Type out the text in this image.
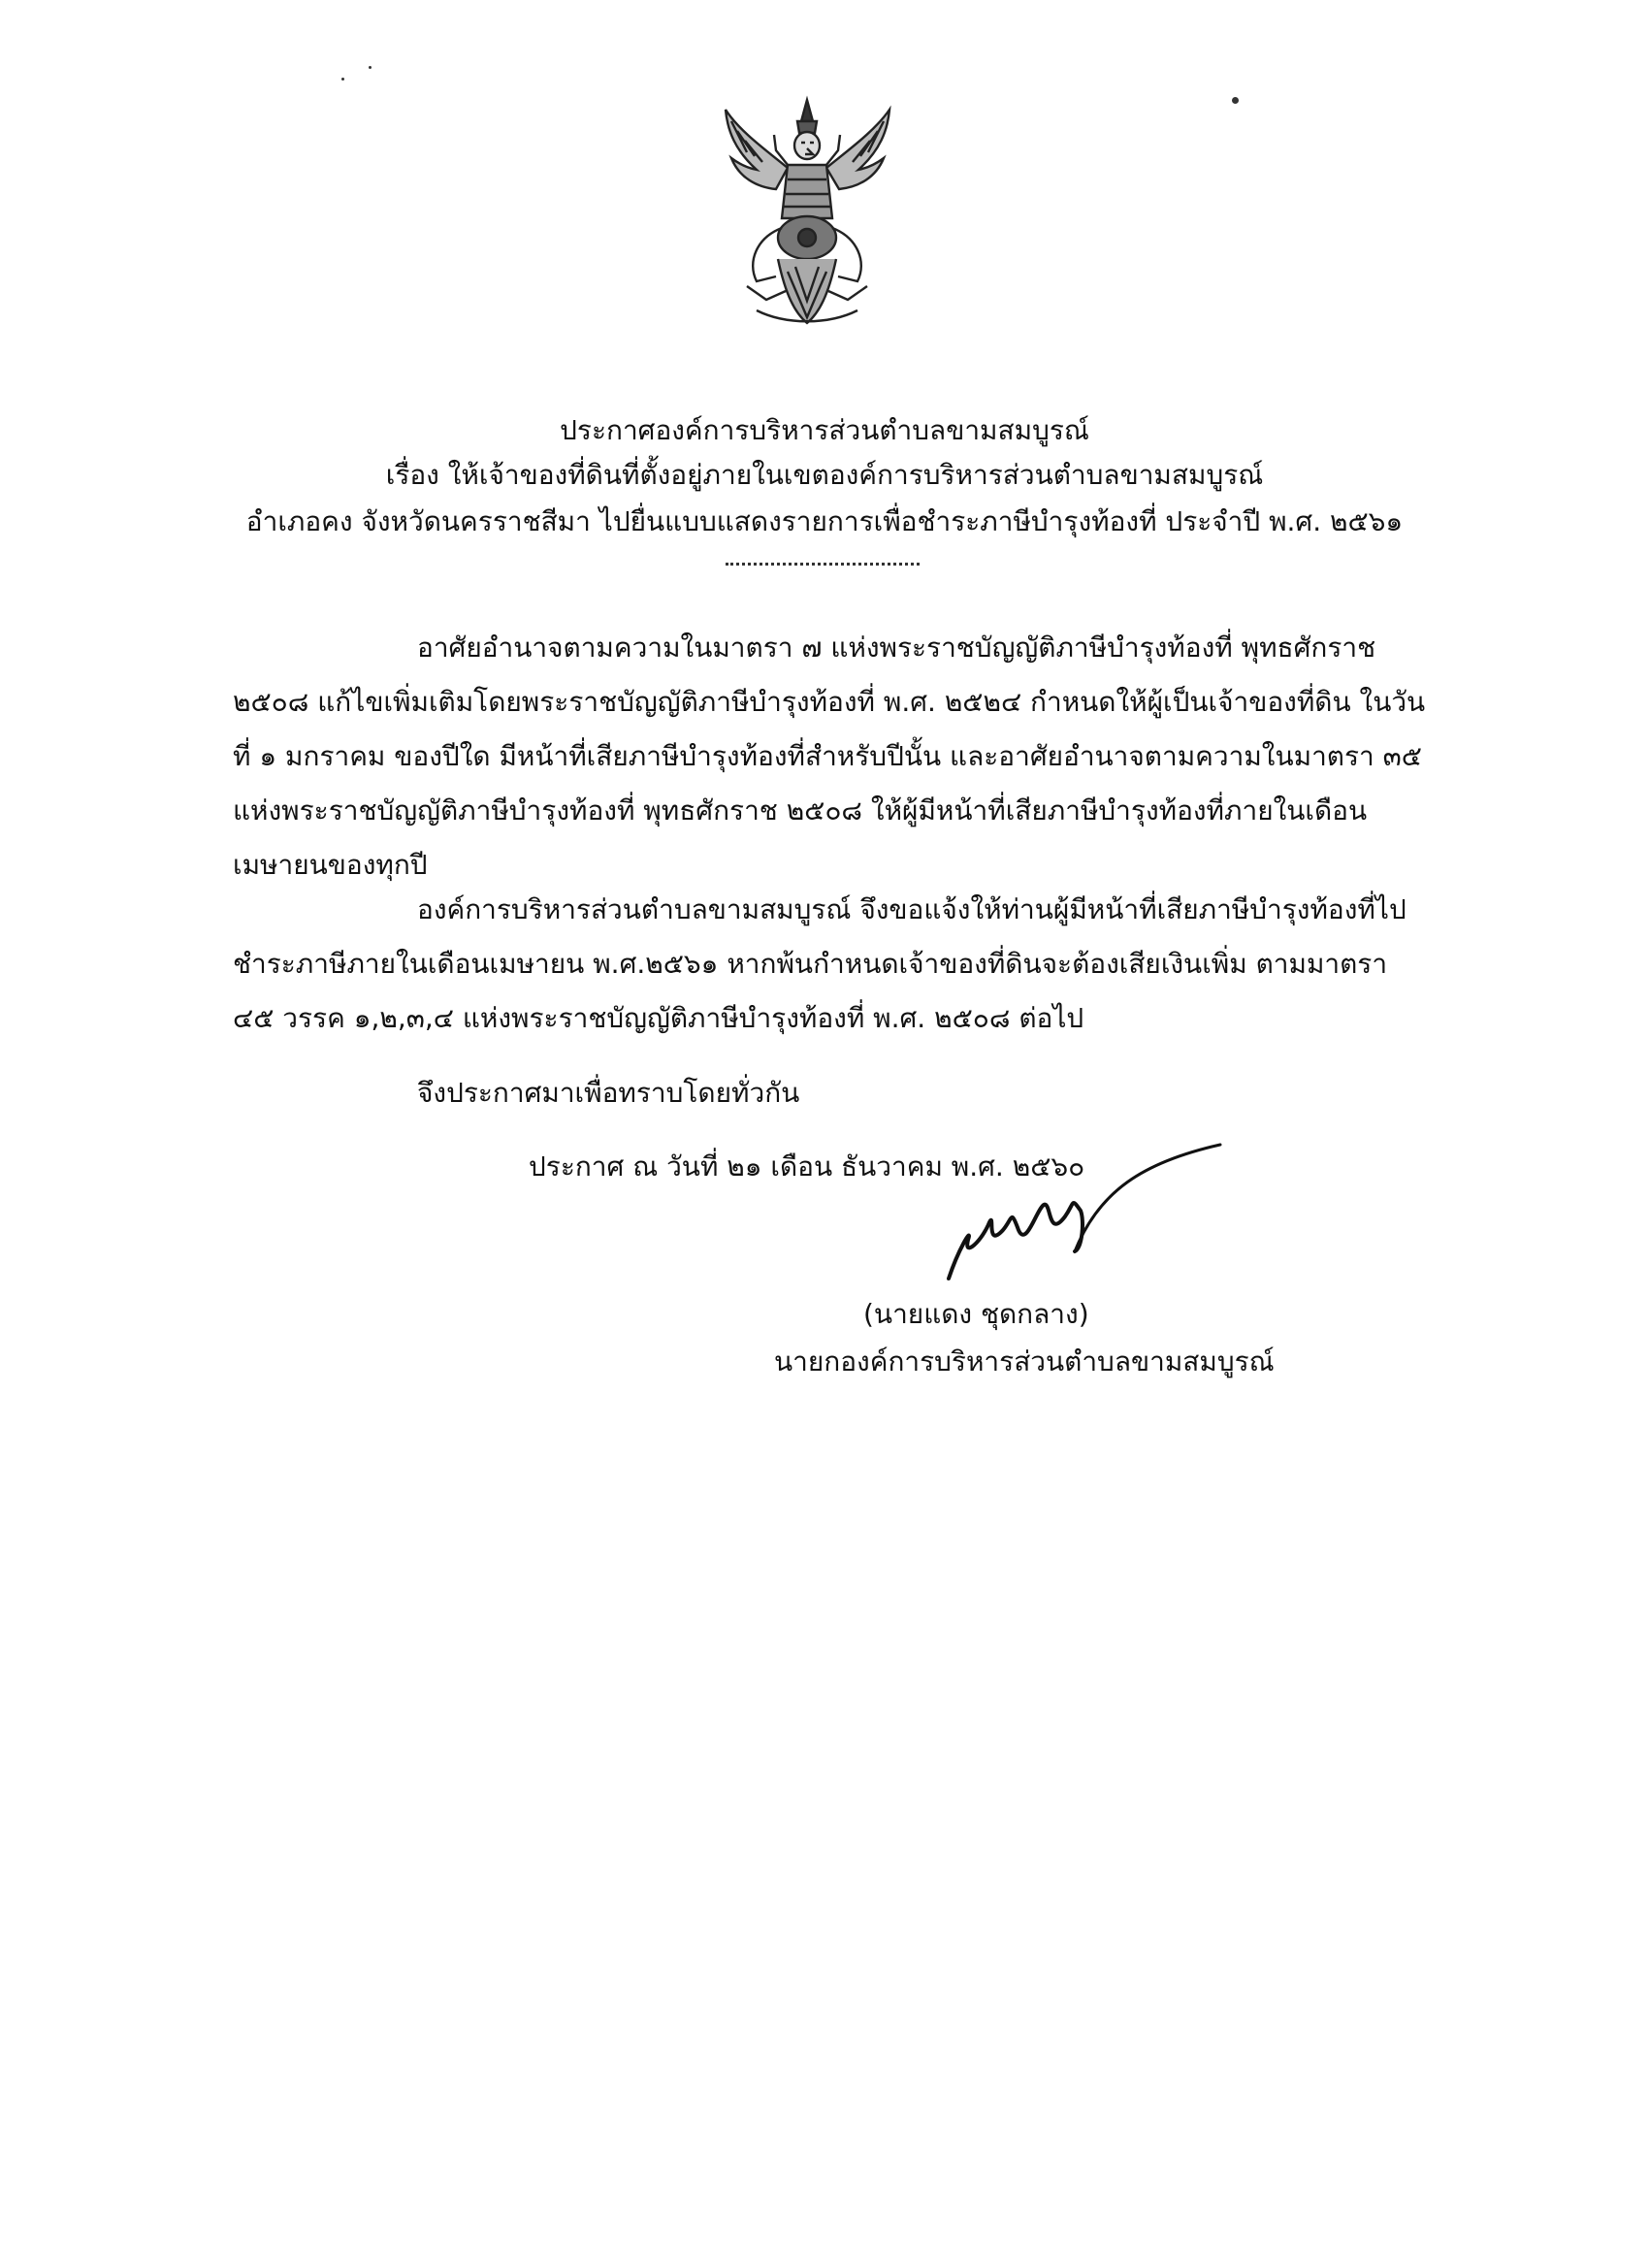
ประกาศองค์การบริหารส่วนตำบลขามสมบูรณ์
เรื่อง ให้เจ้าของที่ดินที่ตั้งอยู่ภายในเขตองค์การบริหารส่วนตำบลขามสมบูรณ์
อำเภอคง จังหวัดนครราชสีมา ไปยื่นแบบแสดงรายการเพื่อชำระภาษีบำรุงท้องที่ ประจำปี พ.ศ. ๒๕๖๑

อาศัยอำนาจตามความในมาตรา ๗ แห่งพระราชบัญญัติภาษีบำรุงท้องที่ พุทธศักราช ๒๕๐๘ แก้ไขเพิ่มเติมโดยพระราชบัญญัติภาษีบำรุงท้องที่ พ.ศ. ๒๕๒๔ กำหนดให้ผู้เป็นเจ้าของที่ดิน ในวันที่ ๑ มกราคม ของปีใด มีหน้าที่เสียภาษีบำรุงท้องที่สำหรับปีนั้น และอาศัยอำนาจตามความในมาตรา ๓๕ แห่งพระราชบัญญัติภาษีบำรุงท้องที่ พุทธศักราช ๒๕๐๘ ให้ผู้มีหน้าที่เสียภาษีบำรุงท้องที่ภายในเดือน เมษายนของทุกปี

องค์การบริหารส่วนตำบลขามสมบูรณ์ จึงขอแจ้งให้ท่านผู้มีหน้าที่เสียภาษีบำรุงท้องที่ไป ชำระภาษีภายในเดือนเมษายน พ.ศ.๒๕๖๑ หากพ้นกำหนดเจ้าของที่ดินจะต้องเสียเงินเพิ่ม ตามมาตรา ๔๕ วรรค ๑,๒,๓,๔ แห่งพระราชบัญญัติภาษีบำรุงท้องที่ พ.ศ. ๒๕๐๘ ต่อไป

จึงประกาศมาเพื่อทราบโดยทั่วกัน
ประกาศ ณ วันที่ ๒๑ เดือน ธันวาคม พ.ศ. ๒๕๖๐
(นายแดง ชุดกลาง)
นายกองค์การบริหารส่วนตำบลขามสมบูรณ์
